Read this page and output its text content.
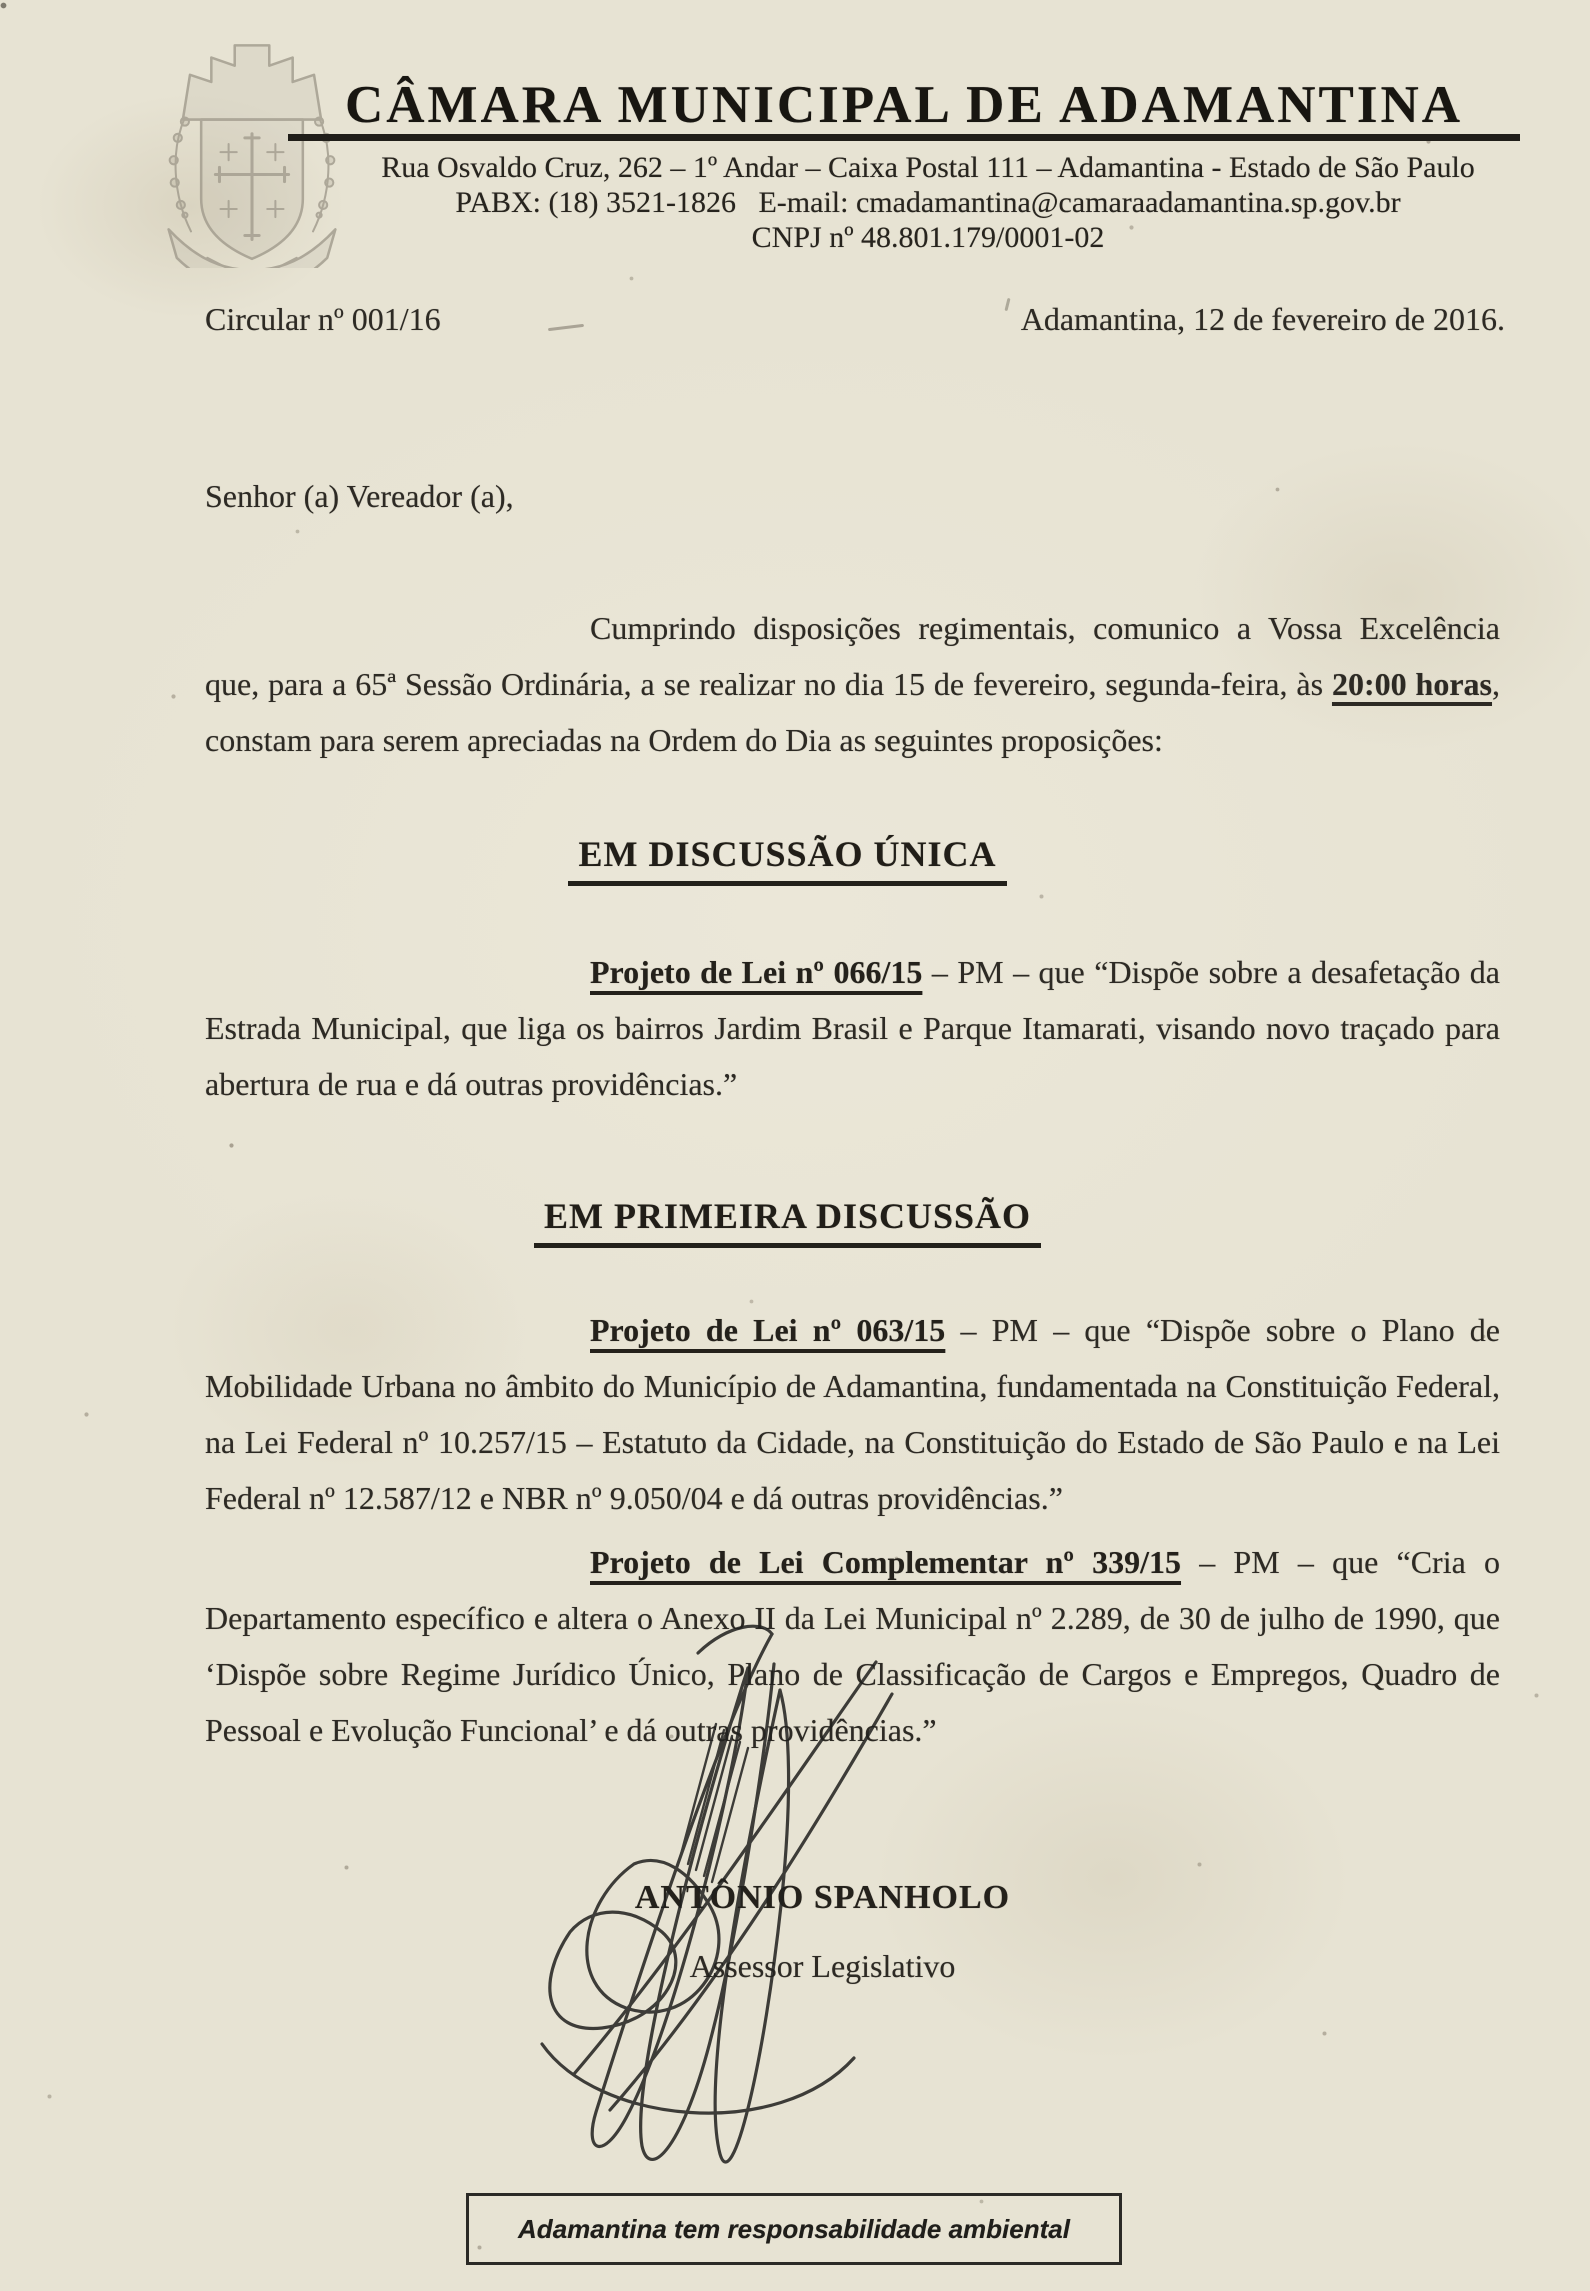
CÂMARA MUNICIPAL DE ADAMANTINA
Rua Osvaldo Cruz, 262 – 1º Andar – Caixa Postal 111 – Adamantina - Estado de São Paulo
PABX: (18) 3521-1826   E-mail: cmadamantina@camaraadamantina.sp.gov.br
CNPJ nº 48.801.179/0001-02
Circular nº 001/16	Adamantina, 12 de fevereiro de 2016.
Senhor (a) Vereador (a),

Cumprindo disposições regimentais, comunico a Vossa Excelência que, para a 65ª Sessão Ordinária, a se realizar no dia 15 de fevereiro, segunda-feira, às 20:00 horas, constam para serem apreciadas na Ordem do Dia as seguintes proposições:

EM DISCUSSÃO ÚNICA

Projeto de Lei nº 066/15 – PM – que “Dispõe sobre a desafetação da Estrada Municipal, que liga os bairros Jardim Brasil e Parque Itamarati, visando novo traçado para abertura de rua e dá outras providências.”

EM PRIMEIRA DISCUSSÃO

Projeto de Lei nº 063/15 – PM – que “Dispõe sobre o Plano de Mobilidade Urbana no âmbito do Município de Adamantina, fundamentada na Constituição Federal, na Lei Federal nº 10.257/15 – Estatuto da Cidade, na Constituição do Estado de São Paulo e na Lei Federal nº 12.587/12 e NBR nº 9.050/04 e dá outras providências.”

Projeto de Lei Complementar nº 339/15 – PM – que “Cria o Departamento específico e altera o Anexo II da Lei Municipal nº 2.289, de 30 de julho de 1990, que ‘Dispõe sobre Regime Jurídico Único, Plano de Classificação de Cargos e Empregos, Quadro de Pessoal e Evolução Funcional’ e dá outras providências.”

ANTÔNIO SPANHOLO
Assessor Legislativo
Adamantina tem responsabilidade ambiental
